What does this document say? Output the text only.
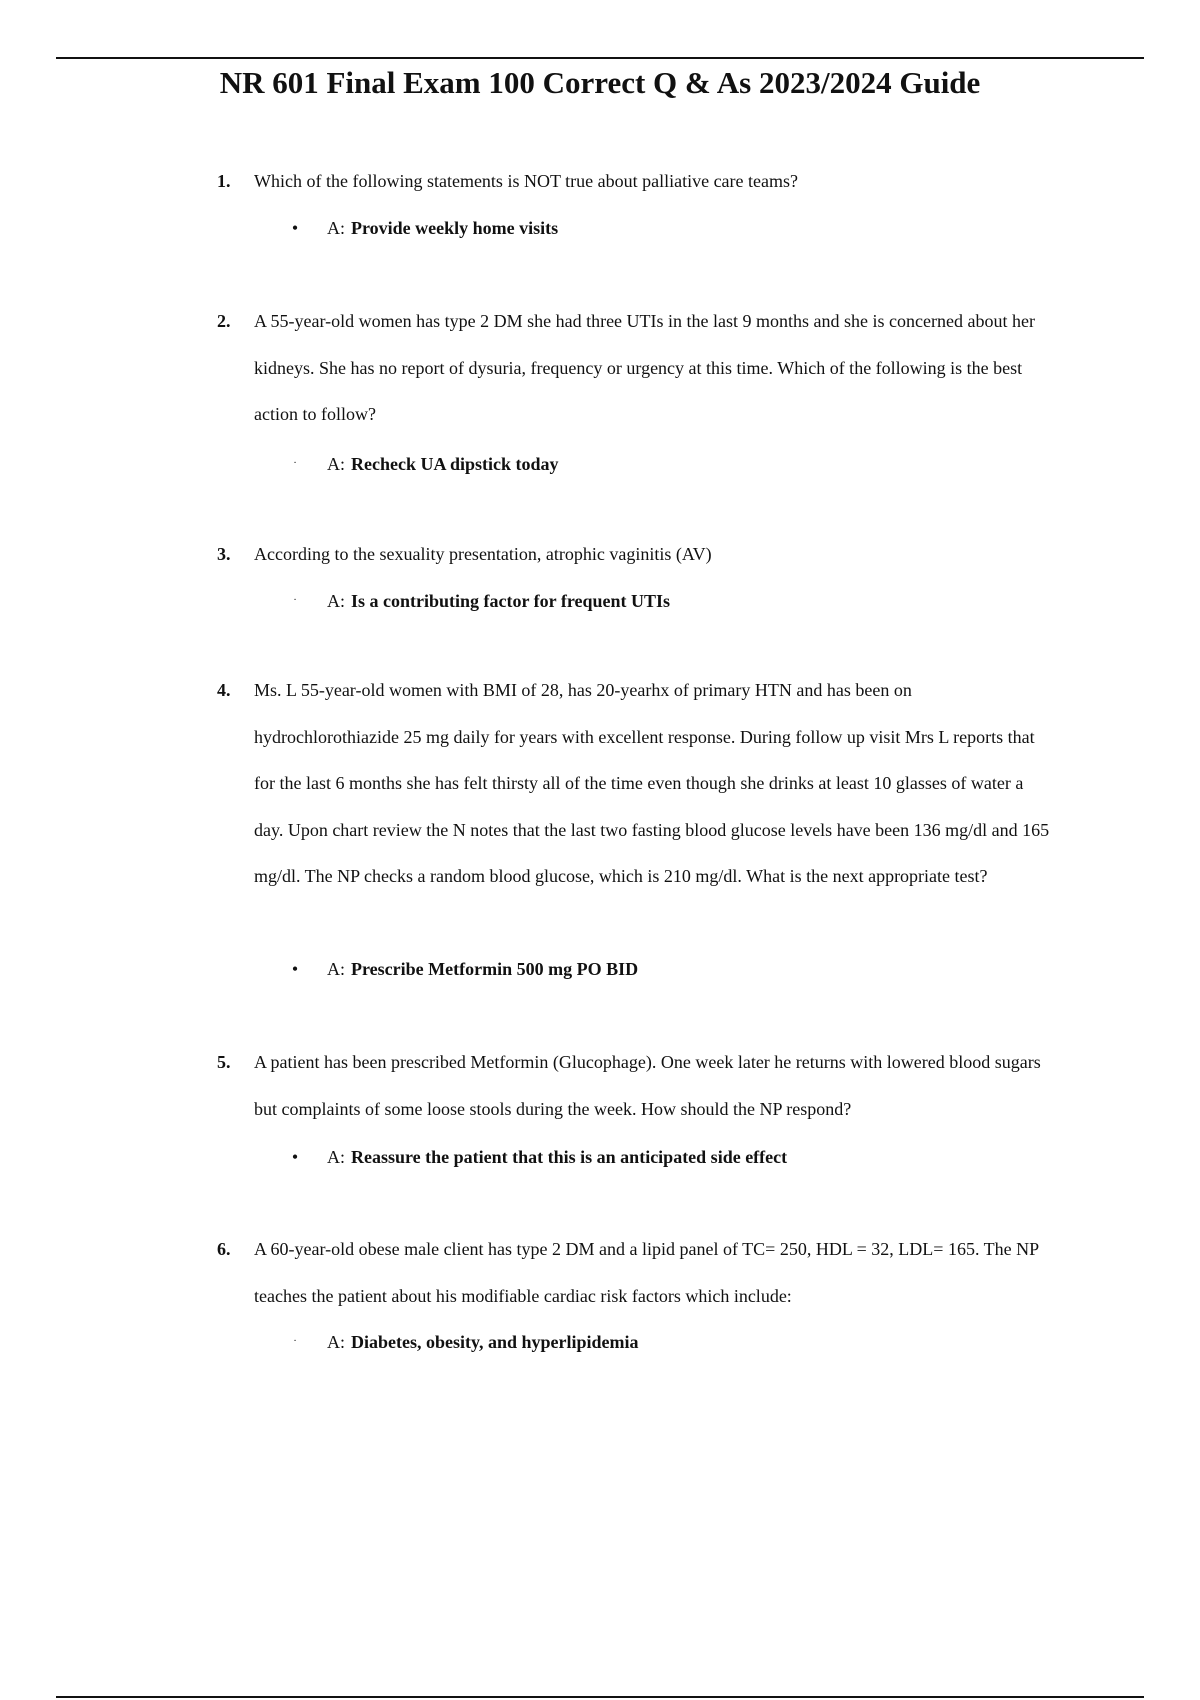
NR 601 Final Exam 100 Correct Q & As 2023/2024 Guide
1. Which of the following statements is NOT true about palliative care teams?

• A: Provide weekly home visits
2. A 55-year-old women has type 2 DM she had three UTIs in the last 9 months and she is concerned about her kidneys. She has no report of dysuria, frequency or urgency at this time. Which of the following is the best action to follow?

· A: Recheck UA dipstick today
3. According to the sexuality presentation, atrophic vaginitis (AV)

· A: Is a contributing factor for frequent UTIs
4. Ms. L 55-year-old women with BMI of 28, has 20-yearhx of primary HTN and has been on hydrochlorothiazide 25 mg daily for years with excellent response. During follow up visit Mrs L reports that for the last 6 months she has felt thirsty all of the time even though she drinks at least 10 glasses of water a day. Upon chart review the N notes that the last two fasting blood glucose levels have been 136 mg/dl and 165 mg/dl. The NP checks a random blood glucose, which is 210 mg/dl. What is the next appropriate test?

• A: Prescribe Metformin 500 mg PO BID
5. A patient has been prescribed Metformin (Glucophage). One week later he returns with lowered blood sugars but complaints of some loose stools during the week. How should the NP respond?

• A: Reassure the patient that this is an anticipated side effect
6. A 60-year-old obese male client has type 2 DM and a lipid panel of TC= 250, HDL = 32, LDL= 165. The NP teaches the patient about his modifiable cardiac risk factors which include:

· A: Diabetes, obesity, and hyperlipidemia
